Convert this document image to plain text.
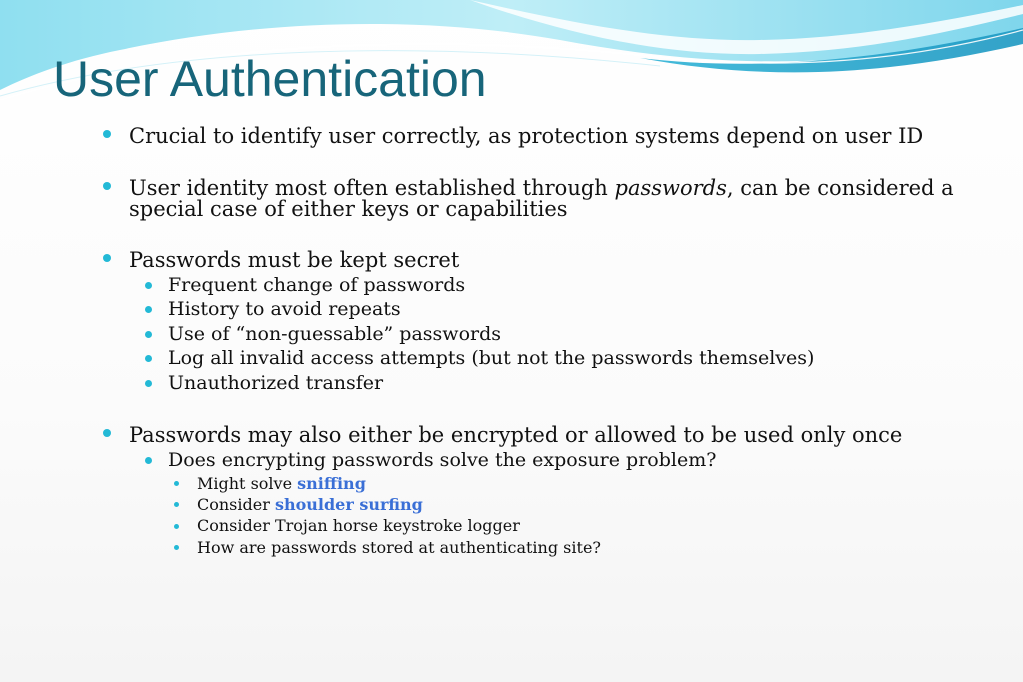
User Authentication
Crucial to identify user correctly, as protection systems depend on user ID
User identity most often established through passwords, can be considered a
special case of either keys or capabilities
Passwords must be kept secret
Frequent change of passwords
History to avoid repeats
Use of “non-guessable” passwords
Log all invalid access attempts (but not the passwords themselves)
Unauthorized transfer
Passwords may also either be encrypted or allowed to be used only once
Does encrypting passwords solve the exposure problem?
Might solve sniffing
Consider shoulder surfing
Consider Trojan horse keystroke logger
How are passwords stored at authenticating site?
